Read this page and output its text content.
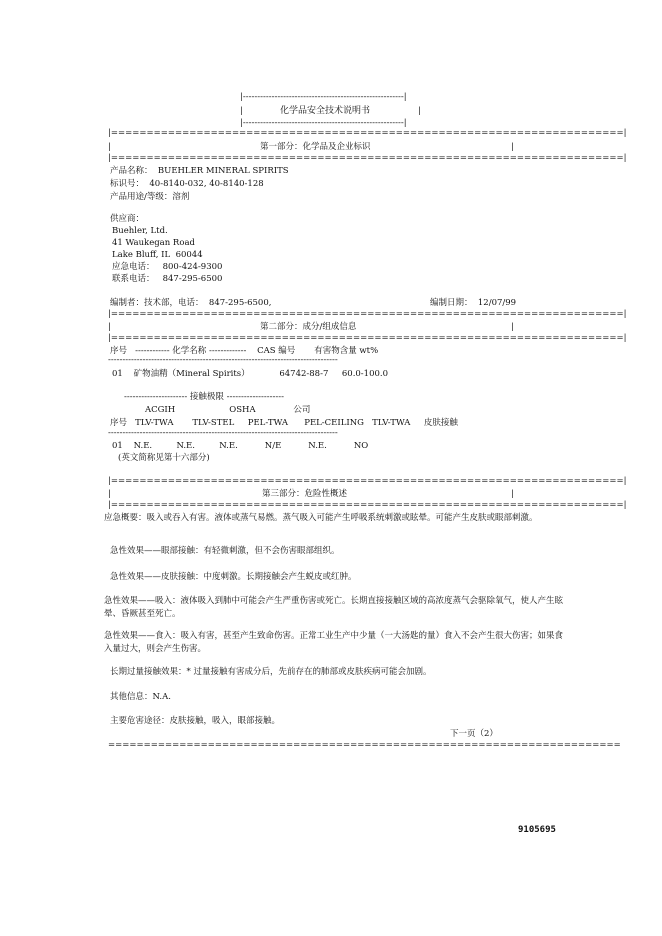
|--------------------------------------------------------|
|	化学品安全技术说明书	|
|--------------------------------------------------------|
|========================================================================|
|	第一部分：化学品及企业标识	|
|========================================================================|
产品名称：  BUEHLER MINERAL SPIRITS
标识号：  40-8140-032, 40-8140-128
产品用途/等级：溶剂
供应商：
Buehler, Ltd.
41 Waukegan Road
Lake Bluff, IL  60044
应急电话：   800-424-9300
联系电话：   847-295-6500
编制者：技术部，电话：  847-295-6500,	编制日期：  12/07/99
|========================================================================|
|	第二部分：成分/组成信息	|
|========================================================================|
序号   ------------ 化学名称 -------------    CAS 编号       有害物含量 wt%
--------------------------------------------------------------------------------
01    矿物油精（Mineral Spirits）           64742-88-7     60.0-100.0
---------------------- 接触极限 --------------------
ACGIH                    OSHA              公司
序号   TLV-TWA       TLV-STEL     PEL-TWA      PEL-CEILING   TLV-TWA     皮肤接触
--------------------------------------------------------------------------------
01    N.E.         N.E.         N.E.          N/E          N.E.          NO
(英文简称见第十六部分)
|========================================================================|
|	第三部分：危险性概述	|
|========================================================================|
应急概要：吸入或吞入有害。液体或蒸气易燃。蒸气吸入可能产生呼吸系统刺激或眩晕。可能产生皮肤或眼部刺激。
急性效果——眼部接触：有轻微刺激，但不会伤害眼部组织。
急性效果——皮肤接触：中度刺激。长期接触会产生蜕皮或红肿。
急性效果——吸入：液体吸入到肺中可能会产生严重伤害或死亡。长期直接接触区域的高浓度蒸气会驱除氧气，使人产生眩晕、昏厥甚至死亡。
急性效果——食入：吸入有害，甚至产生致命伤害。正常工业生产中少量（一大汤匙的量）食入不会产生很大伤害；如果食入量过大，则会产生伤害。
长期过量接触效果：* 过量接触有害成分后，先前存在的肺部或皮肤疾病可能会加剧。
其他信息：N.A.
主要危害途径：皮肤接触，吸入，眼部接触。
下一页（2）
========================================================================
9105695
